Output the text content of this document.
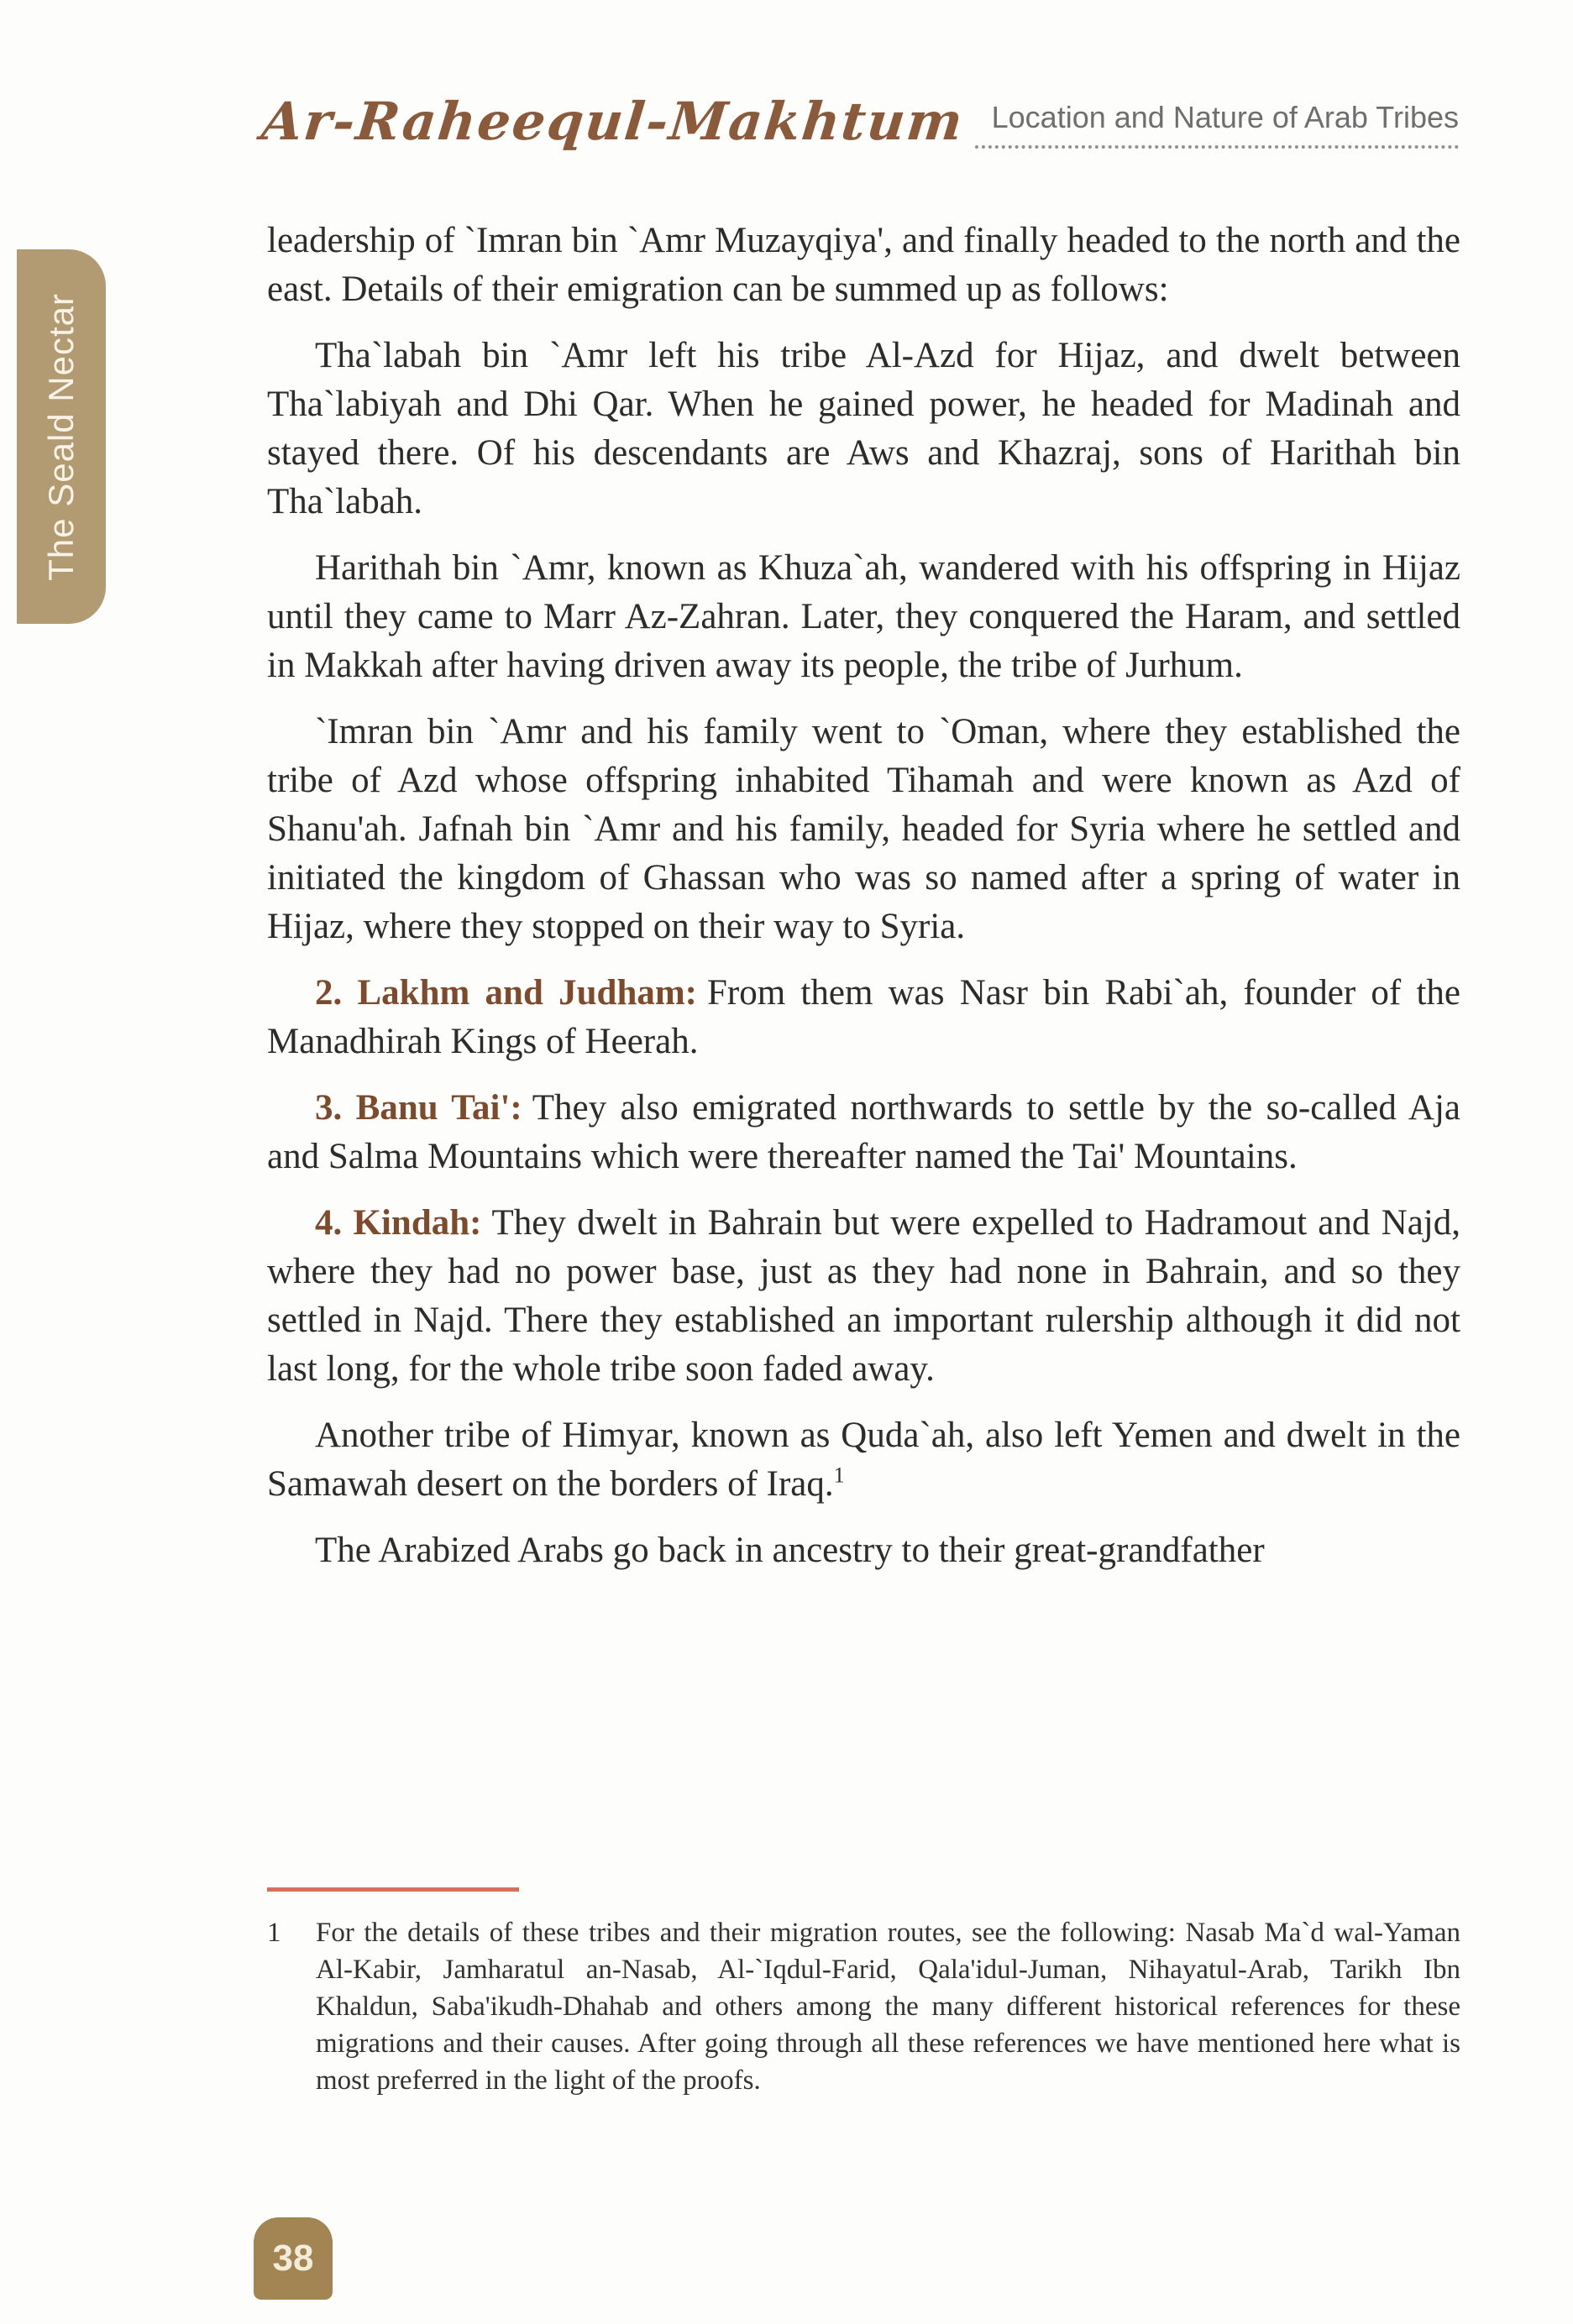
Ar-Raheequl-Makhtum Location and Nature of Arab Tribes
The Seald Nectar

leadership of `Imran bin `Amr Muzayqiya', and finally headed to the north and the east. Details of their emigration can be summed up as follows:

Tha`labah bin `Amr left his tribe Al-Azd for Hijaz, and dwelt between Tha`labiyah and Dhi Qar. When he gained power, he headed for Madinah and stayed there. Of his descendants are Aws and Khazraj, sons of Harithah bin Tha`labah.

Harithah bin `Amr, known as Khuza`ah, wandered with his offspring in Hijaz until they came to Marr Az-Zahran. Later, they conquered the Haram, and settled in Makkah after having driven away its people, the tribe of Jurhum.

`Imran bin `Amr and his family went to `Oman, where they established the tribe of Azd whose offspring inhabited Tihamah and were known as Azd of Shanu'ah. Jafnah bin `Amr and his family, headed for Syria where he settled and initiated the kingdom of Ghassan who was so named after a spring of water in Hijaz, where they stopped on their way to Syria.

2. Lakhm and Judham: From them was Nasr bin Rabi`ah, founder of the Manadhirah Kings of Heerah.

3. Banu Tai': They also emigrated northwards to settle by the so-called Aja and Salma Mountains which were thereafter named the Tai' Mountains.

4. Kindah: They dwelt in Bahrain but were expelled to Hadramout and Najd, where they had no power base, just as they had none in Bahrain, and so they settled in Najd. There they established an important rulership although it did not last long, for the whole tribe soon faded away.

Another tribe of Himyar, known as Quda`ah, also left Yemen and dwelt in the Samawah desert on the borders of Iraq.$^1$

The Arabized Arabs go back in ancestry to their great-grandfather

1	For the details of these tribes and their migration routes, see the following: Nasab Ma`d wal-Yaman Al-Kabir, Jamharatul an-Nasab, Al-`Iqdul-Farid, Qala'idul-Juman, Nihayatul-Arab, Tarikh Ibn Khaldun, Saba'ikudh-Dhahab and others among the many different historical references for these migrations and their causes. After going through all these references we have mentioned here what is most preferred in the light of the proofs.
38
